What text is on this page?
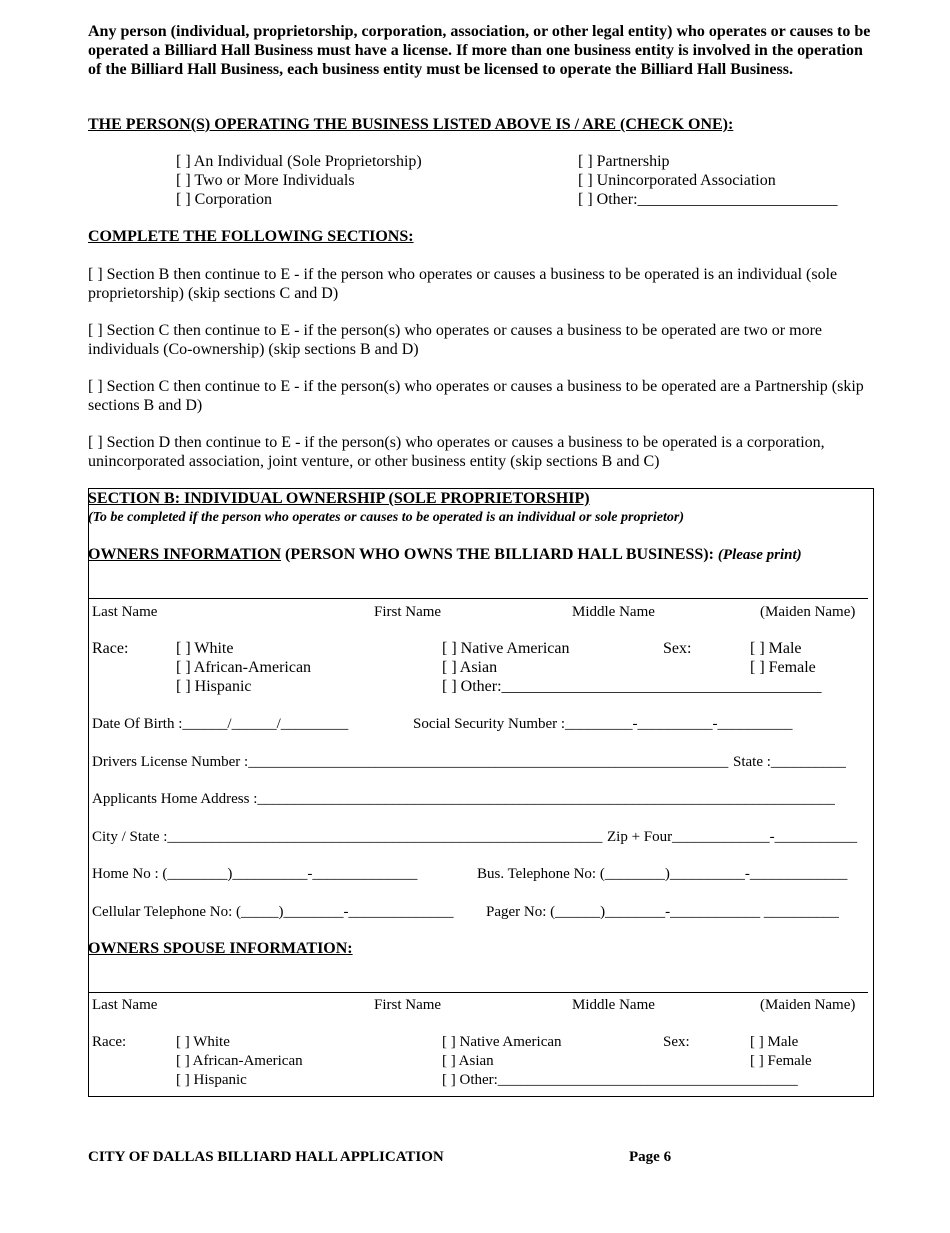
Any person (individual, proprietorship, corporation, association, or other legal entity) who operates or causes to be operated a Billiard Hall Business must have a license. If more than one business entity is involved in the operation of the Billiard Hall Business, each business entity must be licensed to operate the Billiard Hall Business.
THE PERSON(S) OPERATING THE BUSINESS LISTED ABOVE IS / ARE (CHECK ONE):
[ ] An Individual (Sole Proprietorship)
[ ] Two or More Individuals
[ ] Corporation
[ ] Partnership
[ ] Unincorporated Association
[ ] Other:_________________________
COMPLETE THE FOLLOWING SECTIONS:
[ ] Section B then continue to E - if the person who operates or causes a business to be operated is an individual (sole proprietorship) (skip sections C and D)
[ ] Section C then continue to E - if the person(s) who operates or causes a business to be operated are two or more individuals (Co-ownership) (skip sections B and D)
[ ] Section C then continue to E - if the person(s) who operates or causes a business to be operated are a Partnership (skip sections B and D)
[ ] Section D then continue to E - if the person(s) who operates or causes a business to be operated is a corporation, unincorporated association, joint venture, or other business entity (skip sections B and C)
SECTION B: INDIVIDUAL OWNERSHIP (SOLE PROPRIETORSHIP)
(To be completed if the person who operates or causes to be operated is an individual or sole proprietor)
OWNERS INFORMATION (PERSON WHO OWNS THE BILLIARD HALL BUSINESS): (Please print)
Last Name	First Name	Middle Name	(Maiden Name)
Race:	[ ] White
[ ] African-American
[ ] Hispanic
[ ] Native American
[ ] Asian
[ ] Other:________________________________________
Sex:	[ ] Male
[ ] Female
Date Of Birth :______/______/_________	Social Security Number :_________-__________-__________
Drivers License Number :________________________________________________________________ State :__________
Applicants Home Address :_____________________________________________________________________________
City / State :__________________________________________________________ Zip + Four_____________-___________
Home No : (________)__________-______________	Bus. Telephone No: (________)__________-_____________
Cellular Telephone No: (_____)________-______________ Pager No: (______)________-____________ __________
OWNERS SPOUSE INFORMATION:
Last Name	First Name	Middle Name	(Maiden Name)
Race:	[ ] White
[ ] African-American
[ ] Hispanic
[ ] Native American
[ ] Asian
[ ] Other:________________________________________
Sex:	[ ] Male
[ ] Female
CITY OF DALLAS BILLIARD HALL APPLICATION	Page 6
